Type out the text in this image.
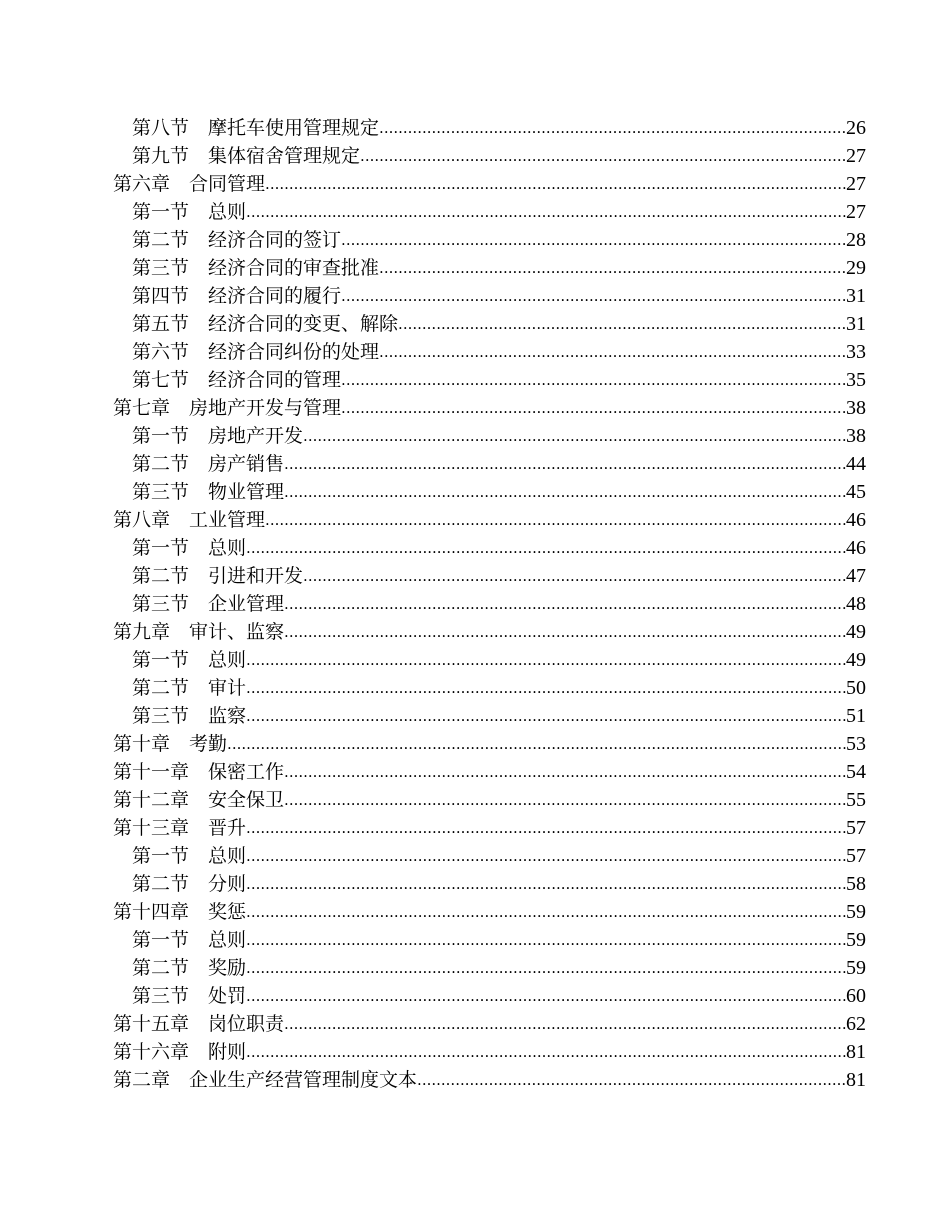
第八节　 摩托车使用管理规定 .....	26
第九节　 集体宿舍管理规定 .....	27
第六章　 合同管理 .....	27
第一节　 总则 .....	27
第二节　 经济合同的签订 .....	28
第三节　 经济合同的审查批准 .....	29
第四节　 经济合同的履行 .....	31
第五节　 经济合同的变更、解除 .....	31
第六节　 经济合同纠份的处理 .....	33
第七节　 经济合同的管理 .....	35
第七章　 房地产开发与管理 .....	38
第一节　 房地产开发 .....	38
第二节　 房产销售 .....	44
第三节　 物业管理 .....	45
第八章　 工业管理 .....	46
第一节　 总则 .....	46
第二节　 引进和开发 .....	47
第三节　 企业管理 .....	48
第九章　 审计、监察 .....	49
第一节　 总则 .....	49
第二节　 审计 .....	50
第三节　 监察 .....	51
第十章　 考勤 .....	53
第十一章　 保密工作 .....	54
第十二章　 安全保卫 .....	55
第十三章　 晋升 .....	57
第一节　 总则 .....	57
第二节　 分则 .....	58
第十四章　 奖惩 .....	59
第一节　 总则 .....	59
第二节　 奖励 .....	59
第三节　 处罚 .....	60
第十五章　 岗位职责 .....	62
第十六章　 附则 .....	81
第二章　 企业生产经营管理制度文本 .....	81
